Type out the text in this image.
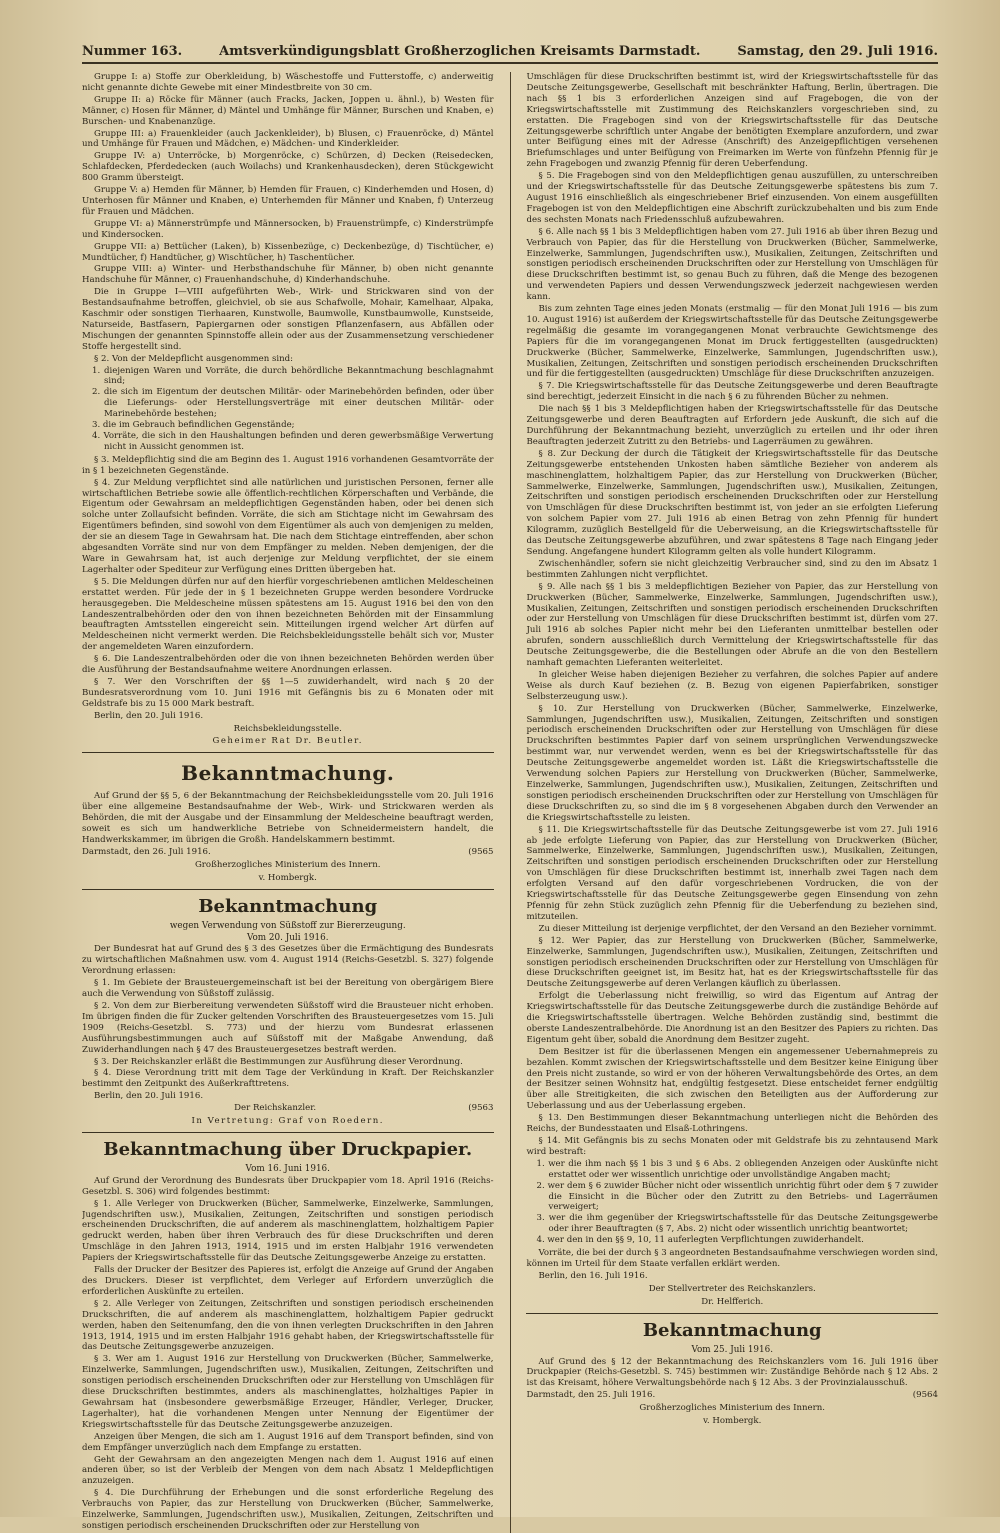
Nummer 163.	Amtsverkündigungsblatt Großherzoglichen Kreisamts Darmstadt.	Samstag, den 29. Juli 1916.

Gruppe I: a) Stoffe zur Oberkleidung, b) Wäschestoffe und Futterstoffe, c) anderweitig nicht genannte dichte Gewebe mit einer Mindestbreite von 30 cm.

Gruppe II: a) Röcke für Männer (auch Fracks, Jacken, Joppen u. ähnl.), b) Westen für Männer, c) Hosen für Männer, d) Mäntel und Umhänge für Männer, Burschen und Knaben, e) Burschen- und Knabenanzüge.

Gruppe III: a) Frauenkleider (auch Jackenkleider), b) Blusen, c) Frauenröcke, d) Mäntel und Umhänge für Frauen und Mädchen, e) Mädchen- und Kinderkleider.

Gruppe IV: a) Unterröcke, b) Morgenröcke, c) Schürzen, d) Decken (Reisedecken, Schlafdecken, Pferdedecken (auch Woilachs) und Krankenhausdecken), deren Stückgewicht 800 Gramm übersteigt.

Gruppe V: a) Hemden für Männer, b) Hemden für Frauen, c) Kinderhemden und Hosen, d) Unterhosen für Männer und Knaben, e) Unterhemden für Männer und Knaben, f) Unterzeug für Frauen und Mädchen.

Gruppe VI: a) Männerstrümpfe und Männersocken, b) Frauenstrümpfe, c) Kinderstrümpfe und Kindersocken.

Gruppe VII: a) Bettücher (Laken), b) Kissenbezüge, c) Deckenbezüge, d) Tischtücher, e) Mundtücher, f) Handtücher, g) Wischtücher, h) Taschentücher.

Gruppe VIII: a) Winter- und Herbsthandschuhe für Männer, b) oben nicht genannte Handschuhe für Männer, c) Frauenhandschuhe, d) Kinderhandschuhe.

Die in Gruppe I—VIII aufgeführten Web-, Wirk- und Strickwaren sind von der Bestandsaufnahme betroffen, gleichviel, ob sie aus Schafwolle, Mohair, Kamelhaar, Alpaka, Kaschmir oder sonstigen Tierhaaren, Kunstwolle, Baumwolle, Kunstbaumwolle, Kunstseide, Naturseide, Bastfasern, Papiergarnen oder sonstigen Pflanzenfasern, aus Abfällen oder Mischungen der genannten Spinnstoffe allein oder aus der Zusammensetzung verschiedener Stoffe hergestellt sind.

§ 2. Von der Meldepflicht ausgenommen sind:

1. diejenigen Waren und Vorräte, die durch behördliche Bekanntmachung beschlagnahmt sind;
2. die sich im Eigentum der deutschen Militär- oder Marinebehörden befinden, oder über die Lieferungs- oder Herstellungsverträge mit einer deutschen Militär- oder Marinebehörde bestehen;
3. die im Gebrauch befindlichen Gegenstände;
4. Vorräte, die sich in den Haushaltungen befinden und deren gewerbsmäßige Verwertung nicht in Aussicht genommen ist.

§ 3. Meldepflichtig sind die am Beginn des 1. August 1916 vorhandenen Gesamtvorräte der in § 1 bezeichneten Gegenstände.

§ 4. Zur Meldung verpflichtet sind alle natürlichen und juristischen Personen, ferner alle wirtschaftlichen Betriebe sowie alle öffentlich-rechtlichen Körperschaften und Verbände, die Eigentum oder Gewahrsam an meldepflichtigen Gegenständen haben, oder bei denen sich solche unter Zollaufsicht befinden. Vorräte, die sich am Stichtage nicht im Gewahrsam des Eigentümers befinden, sind sowohl von dem Eigentümer als auch von demjenigen zu melden, der sie an diesem Tage in Gewahrsam hat. Die nach dem Stichtage eintreffenden, aber schon abgesandten Vorräte sind nur von dem Empfänger zu melden. Neben demjenigen, der die Ware in Gewahrsam hat, ist auch derjenige zur Meldung verpflichtet, der sie einem Lagerhalter oder Spediteur zur Verfügung eines Dritten übergeben hat.

§ 5. Die Meldungen dürfen nur auf den hierfür vorgeschriebenen amtlichen Meldescheinen erstattet werden. Für jede der in § 1 bezeichneten Gruppe werden besondere Vordrucke herausgegeben. Die Meldescheine müssen spätestens am 15. August 1916 bei den von den Landeszentralbehörden oder den von ihnen bezeichneten Behörden mit der Einsammlung beauftragten Amtsstellen eingereicht sein. Mitteilungen irgend welcher Art dürfen auf Meldescheinen nicht vermerkt werden. Die Reichsbekleidungsstelle behält sich vor, Muster der angemeldeten Waren einzufordern.

§ 6. Die Landeszentralbehörden oder die von ihnen bezeichneten Behörden werden über die Ausführung der Bestandsaufnahme weitere Anordnungen erlassen.

§ 7. Wer den Vorschriften der §§ 1—5 zuwiderhandelt, wird nach § 20 der Bundesratsverordnung vom 10. Juni 1916 mit Gefängnis bis zu 6 Monaten oder mit Geldstrafe bis zu 15 000 Mark bestraft.

Berlin, den 20. Juli 1916.

Reichsbekleidungsstelle.
Geheimer Rat Dr. Beutler.
Bekanntmachung.

Auf Grund der §§ 5, 6 der Bekanntmachung der Reichsbekleidungsstelle vom 20. Juli 1916 über eine allgemeine Bestandsaufnahme der Web-, Wirk- und Strickwaren werden als Behörden, die mit der Ausgabe und der Einsammlung der Meldescheine beauftragt werden, soweit es sich um handwerkliche Betriebe von Schneidermeistern handelt, die Handwerkskammer, im übrigen die Großh. Handelskammern bestimmt.

Darmstadt, den 26. Juli 1916.	(9565
Großherzogliches Ministerium des Innern.
v. Hombergk.
Bekanntmachung
wegen Verwendung von Süßstoff zur Biererzeugung.
Vom 20. Juli 1916.

Der Bundesrat hat auf Grund des § 3 des Gesetzes über die Ermächtigung des Bundesrats zu wirtschaftlichen Maßnahmen usw. vom 4. August 1914 (Reichs-Gesetzbl. S. 327) folgende Verordnung erlassen:

§ 1. Im Gebiete der Brausteuergemeinschaft ist bei der Bereitung von obergärigem Biere auch die Verwendung von Süßstoff zulässig.

§ 2. Von dem zur Bierbereitung verwendeten Süßstoff wird die Brausteuer nicht erhoben. Im übrigen finden die für Zucker geltenden Vorschriften des Brausteuergesetzes vom 15. Juli 1909 (Reichs-Gesetzbl. S. 773) und der hierzu vom Bundesrat erlassenen Ausführungsbestimmungen auch auf Süßstoff mit der Maßgabe Anwendung, daß Zuwiderhandlungen nach § 47 des Brausteuergesetzes bestraft werden.

§ 3. Der Reichskanzler erläßt die Bestimmungen zur Ausführung dieser Verordnung.

§ 4. Diese Verordnung tritt mit dem Tage der Verkündung in Kraft. Der Reichskanzler bestimmt den Zeitpunkt des Außerkrafttretens.

Berlin, den 20. Juli 1916.

Der Reichskanzler.	(9563
In Vertretung: Graf von Roedern.
Bekanntmachung über Druckpapier.
Vom 16. Juni 1916.

Auf Grund der Verordnung des Bundesrats über Druckpapier vom 18. April 1916 (Reichs-Gesetzbl. S. 306) wird folgendes bestimmt:

§ 1. Alle Verleger von Druckwerken (Bücher, Sammelwerke, Einzelwerke, Sammlungen, Jugendschriften usw.), Musikalien, Zeitungen, Zeitschriften und sonstigen periodisch erscheinenden Druckschriften, die auf anderem als maschinenglattem, holzhaltigem Papier gedruckt werden, haben über ihren Verbrauch des für diese Druckschriften und deren Umschläge in den Jahren 1913, 1914, 1915 und im ersten Halbjahr 1916 verwendeten Papiers der Kriegswirtschaftsstelle für das Deutsche Zeitungsgewerbe Anzeige zu erstatten.

Falls der Drucker der Besitzer des Papieres ist, erfolgt die Anzeige auf Grund der Angaben des Druckers. Dieser ist verpflichtet, dem Verleger auf Erfordern unverzüglich die erforderlichen Auskünfte zu erteilen.

§ 2. Alle Verleger von Zeitungen, Zeitschriften und sonstigen periodisch erscheinenden Druckschriften, die auf anderem als maschinenglattem, holzhaltigem Papier gedruckt werden, haben den Seitenumfang, den die von ihnen verlegten Druckschriften in den Jahren 1913, 1914, 1915 und im ersten Halbjahr 1916 gehabt haben, der Kriegswirtschaftsstelle für das Deutsche Zeitungsgewerbe anzuzeigen.

§ 3. Wer am 1. August 1916 zur Herstellung von Druckwerken (Bücher, Sammelwerke, Einzelwerke, Sammlungen, Jugendschriften usw.), Musikalien, Zeitungen, Zeitschriften und sonstigen periodisch erscheinenden Druckschriften oder zur Herstellung von Umschlägen für diese Druckschriften bestimmtes, anders als maschinenglattes, holzhaltiges Papier in Gewahrsam hat (insbesondere gewerbsmäßige Erzeuger, Händler, Verleger, Drucker, Lagerhalter), hat die vorhandenen Mengen unter Nennung der Eigentümer der Kriegswirtschaftsstelle für das Deutsche Zeitungsgewerbe anzuzeigen.

Anzeigen über Mengen, die sich am 1. August 1916 auf dem Transport befinden, sind von dem Empfänger unverzüglich nach dem Empfange zu erstatten.

Geht der Gewahrsam an den angezeigten Mengen nach dem 1. August 1916 auf einen anderen über, so ist der Verbleib der Mengen von dem nach Absatz 1 Meldepflichtigen anzuzeigen.

§ 4. Die Durchführung der Erhebungen und die sonst erforderliche Regelung des Verbrauchs von Papier, das zur Herstellung von Druckwerken (Bücher, Sammelwerke, Einzelwerke, Sammlungen, Jugendschriften usw.), Musikalien, Zeitungen, Zeitschriften und sonstigen periodisch erscheinenden Druckschriften oder zur Herstellung von

Umschlägen für diese Druckschriften bestimmt ist, wird der Kriegswirtschaftsstelle für das Deutsche Zeitungsgewerbe, Gesellschaft mit beschränkter Haftung, Berlin, übertragen. Die nach §§ 1 bis 3 erforderlichen Anzeigen sind auf Fragebogen, die von der Kriegswirtschaftsstelle mit Zustimmung des Reichskanzlers vorgeschrieben sind, zu erstatten. Die Fragebogen sind von der Kriegswirtschaftsstelle für das Deutsche Zeitungsgewerbe schriftlich unter Angabe der benötigten Exemplare anzufordern, und zwar unter Beifügung eines mit der Adresse (Anschrift) des Anzeigepflichtigen versehenen Briefumschlages und unter Beifügung von Freimarken im Werte von fünfzehn Pfennig für je zehn Fragebogen und zwanzig Pfennig für deren Ueberfendung.

§ 5. Die Fragebogen sind von den Meldepflichtigen genau auszufüllen, zu unterschreiben und der Kriegswirtschaftsstelle für das Deutsche Zeitungsgewerbe spätestens bis zum 7. August 1916 einschließlich als eingeschriebener Brief einzusenden. Von einem ausgefüllten Fragebogen ist von den Meldepflichtigen eine Abschrift zurückzubehalten und bis zum Ende des sechsten Monats nach Friedensschluß aufzubewahren.

§ 6. Alle nach §§ 1 bis 3 Meldepflichtigen haben vom 27. Juli 1916 ab über ihren Bezug und Verbrauch von Papier, das für die Herstellung von Druckwerken (Bücher, Sammelwerke, Einzelwerke, Sammlungen, Jugendschriften usw.), Musikalien, Zeitungen, Zeitschriften und sonstigen periodisch erscheinenden Druckschriften oder zur Herstellung von Umschlägen für diese Druckschriften bestimmt ist, so genau Buch zu führen, daß die Menge des bezogenen und verwendeten Papiers und dessen Verwendungszweck jederzeit nachgewiesen werden kann.

Bis zum zehnten Tage eines jeden Monats (erstmalig — für den Monat Juli 1916 — bis zum 10. August 1916) ist außerdem der Kriegswirtschaftsstelle für das Deutsche Zeitungsgewerbe regelmäßig die gesamte im vorangegangenen Monat verbrauchte Gewichtsmenge des Papiers für die im vorangegangenen Monat im Druck fertiggestellten (ausgedruckten) Druckwerke (Bücher, Sammelwerke, Einzelwerke, Sammlungen, Jugendschriften usw.), Musikalien, Zeitungen, Zeitschriften und sonstigen periodisch erscheinenden Druckschriften und für die fertiggestellten (ausgedruckten) Umschläge für diese Druckschriften anzuzeigen.

§ 7. Die Kriegswirtschaftsstelle für das Deutsche Zeitungsgewerbe und deren Beauftragte sind berechtigt, jederzeit Einsicht in die nach § 6 zu führenden Bücher zu nehmen.

Die nach §§ 1 bis 3 Meldepflichtigen haben der Kriegswirtschaftsstelle für das Deutsche Zeitungsgewerbe und deren Beauftragten auf Erfordern jede Auskunft, die sich auf die Durchführung der Bekanntmachung bezieht, unverzüglich zu erteilen und ihr oder ihren Beauftragten jederzeit Zutritt zu den Betriebs- und Lagerräumen zu gewähren.

§ 8. Zur Deckung der durch die Tätigkeit der Kriegswirtschaftsstelle für das Deutsche Zeitungsgewerbe entstehenden Unkosten haben sämtliche Bezieher von anderem als maschinenglattem, holzhaltigem Papier, das zur Herstellung von Druckwerken (Bücher, Sammelwerke, Einzelwerke, Sammlungen, Jugendschriften usw.), Musikalien, Zeitungen, Zeitschriften und sonstigen periodisch erscheinenden Druckschriften oder zur Herstellung von Umschlägen für diese Druckschriften bestimmt ist, von jeder an sie erfolgten Lieferung von solchem Papier vom 27. Juli 1916 ab einen Betrag von zehn Pfennig für hundert Kilogramm, zuzüglich Bestellgeld für die Ueberweisung, an die Kriegswirtschaftsstelle für das Deutsche Zeitungsgewerbe abzuführen, und zwar spätestens 8 Tage nach Eingang jeder Sendung. Angefangene hundert Kilogramm gelten als volle hundert Kilogramm.

Zwischenhändler, sofern sie nicht gleichzeitig Verbraucher sind, sind zu den im Absatz 1 bestimmten Zahlungen nicht verpflichtet.

§ 9. Alle nach §§ 1 bis 3 meldepflichtigen Bezieher von Papier, das zur Herstellung von Druckwerken (Bücher, Sammelwerke, Einzelwerke, Sammlungen, Jugendschriften usw.), Musikalien, Zeitungen, Zeitschriften und sonstigen periodisch erscheinenden Druckschriften oder zur Herstellung von Umschlägen für diese Druckschriften bestimmt ist, dürfen vom 27. Juli 1916 ab solches Papier nicht mehr bei den Lieferanten unmittelbar bestellen oder abrufen, sondern ausschließlich durch Vermittelung der Kriegswirtschaftsstelle für das Deutsche Zeitungsgewerbe, die die Bestellungen oder Abrufe an die von den Bestellern namhaft gemachten Lieferanten weiterleitet.

In gleicher Weise haben diejenigen Bezieher zu verfahren, die solches Papier auf andere Weise als durch Kauf beziehen (z. B. Bezug von eigenen Papierfabriken, sonstiger Selbsterzeugung usw.).

§ 10. Zur Herstellung von Druckwerken (Bücher, Sammelwerke, Einzelwerke, Sammlungen, Jugendschriften usw.), Musikalien, Zeitungen, Zeitschriften und sonstigen periodisch erscheinenden Druckschriften oder zur Herstellung von Umschlägen für diese Druckschriften bestimmtes Papier darf von seinem ursprünglichen Verwendungszwecke bestimmt war, nur verwendet werden, wenn es bei der Kriegswirtschaftsstelle für das Deutsche Zeitungsgewerbe angemeldet worden ist. Läßt die Kriegswirtschaftsstelle die Verwendung solchen Papiers zur Herstellung von Druckwerken (Bücher, Sammelwerke, Einzelwerke, Sammlungen, Jugendschriften usw.), Musikalien, Zeitungen, Zeitschriften und sonstigen periodisch erscheinenden Druckschriften oder zur Herstellung von Umschlägen für diese Druckschriften zu, so sind die im § 8 vorgesehenen Abgaben durch den Verwender an die Kriegswirtschaftsstelle zu leisten.

§ 11. Die Kriegswirtschaftsstelle für das Deutsche Zeitungsgewerbe ist vom 27. Juli 1916 ab jede erfolgte Lieferung von Papier, das zur Herstellung von Druckwerken (Bücher, Sammelwerke, Einzelwerke, Sammlungen, Jugendschriften usw.), Musikalien, Zeitungen, Zeitschriften und sonstigen periodisch erscheinenden Druckschriften oder zur Herstellung von Umschlägen für diese Druckschriften bestimmt ist, innerhalb zwei Tagen nach dem erfolgten Versand auf den dafür vorgeschriebenen Vordrucken, die von der Kriegswirtschaftsstelle für das Deutsche Zeitungsgewerbe gegen Einsendung von zehn Pfennig für zehn Stück zuzüglich zehn Pfennig für die Ueberfendung zu beziehen sind, mitzuteilen.

Zu dieser Mitteilung ist derjenige verpflichtet, der den Versand an den Bezieher vornimmt.

§ 12. Wer Papier, das zur Herstellung von Druckwerken (Bücher, Sammelwerke, Einzelwerke, Sammlungen, Jugendschriften usw.), Musikalien, Zeitungen, Zeitschriften und sonstigen periodisch erscheinenden Druckschriften oder zur Herstellung von Umschlägen für diese Druckschriften geeignet ist, im Besitz hat, hat es der Kriegswirtschaftsstelle für das Deutsche Zeitungsgewerbe auf deren Verlangen käuflich zu überlassen.

Erfolgt die Ueberlassung nicht freiwillig, so wird das Eigentum auf Antrag der Kriegswirtschaftsstelle für das Deutsche Zeitungsgewerbe durch die zuständige Behörde auf die Kriegswirtschaftsstelle übertragen. Welche Behörden zuständig sind, bestimmt die oberste Landeszentralbehörde. Die Anordnung ist an den Besitzer des Papiers zu richten. Das Eigentum geht über, sobald die Anordnung dem Besitzer zugeht.

Dem Besitzer ist für die überlassenen Mengen ein angemessener Uebernahmepreis zu bezahlen. Kommt zwischen der Kriegswirtschaftsstelle und dem Besitzer keine Einigung über den Preis nicht zustande, so wird er von der höheren Verwaltungsbehörde des Ortes, an dem der Besitzer seinen Wohnsitz hat, endgültig festgesetzt. Diese entscheidet ferner endgültig über alle Streitigkeiten, die sich zwischen den Beteiligten aus der Aufforderung zur Ueberlassung und aus der Ueberlassung ergeben.

§ 13. Den Bestimmungen dieser Bekanntmachung unterliegen nicht die Behörden des Reichs, der Bundesstaaten und Elsaß-Lothringens.

§ 14. Mit Gefängnis bis zu sechs Monaten oder mit Geldstrafe bis zu zehntausend Mark wird bestraft:

1. wer die ihm nach §§ 1 bis 3 und § 6 Abs. 2 obliegenden Anzeigen oder Auskünfte nicht erstattet oder wer wissentlich unrichtige oder unvollständige Angaben macht;
2. wer dem § 6 zuwider Bücher nicht oder wissentlich unrichtig führt oder dem § 7 zuwider die Einsicht in die Bücher oder den Zutritt zu den Betriebs- und Lagerräumen verweigert;
3. wer die ihm gegenüber der Kriegswirtschaftsstelle für das Deutsche Zeitungsgewerbe oder ihrer Beauftragten (§ 7, Abs. 2) nicht oder wissentlich unrichtig beantwortet;
4. wer den in den §§ 9, 10, 11 auferlegten Verpflichtungen zuwiderhandelt.

Vorräte, die bei der durch § 3 angeordneten Bestandsaufnahme verschwiegen worden sind, können im Urteil für dem Staate verfallen erklärt werden.

Berlin, den 16. Juli 1916.

Der Stellvertreter des Reichskanzlers.
Dr. Helfferich.
Bekanntmachung
Vom 25. Juli 1916.

Auf Grund des § 12 der Bekanntmachung des Reichskanzlers vom 16. Juli 1916 über Druckpapier (Reichs-Gesetzbl. S. 745) bestimmen wir: Zuständige Behörde nach § 12 Abs. 2 ist das Kreisamt, höhere Verwaltungsbehörde nach § 12 Abs. 3 der Provinzialausschuß.

Darmstadt, den 25. Juli 1916.	(9564
Großherzogliches Ministerium des Innern.
v. Hombergk.
